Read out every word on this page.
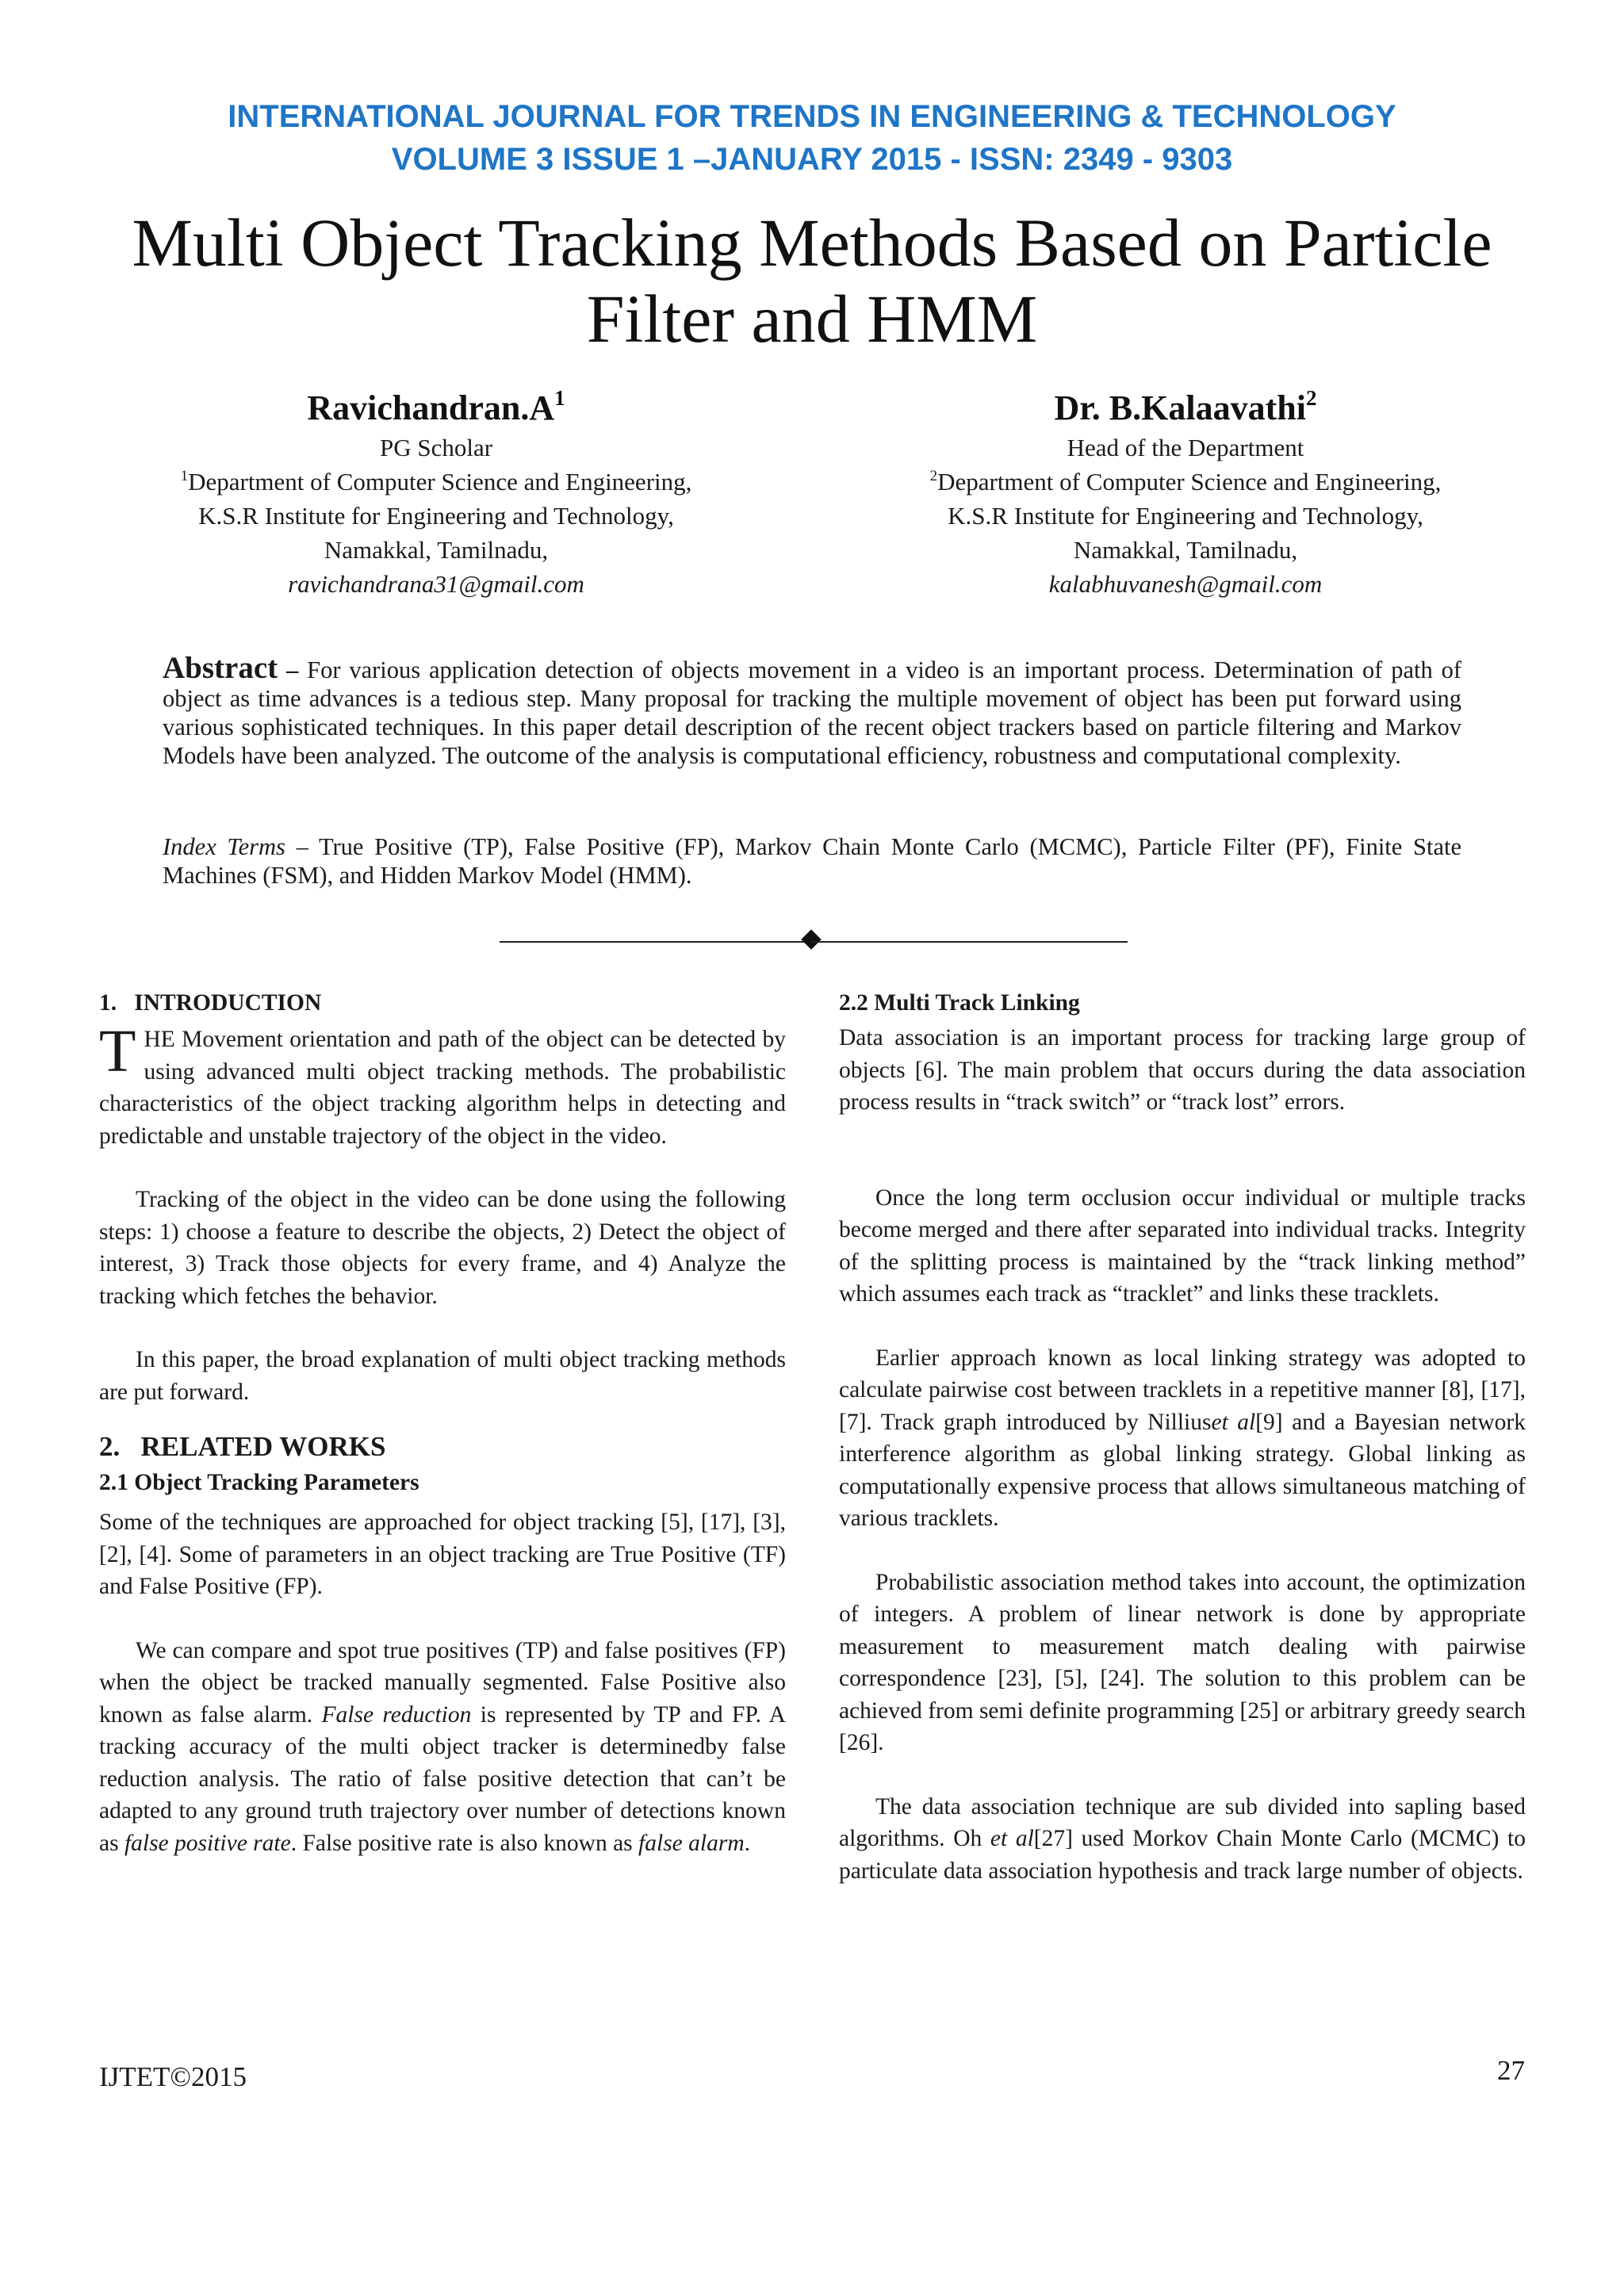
INTERNATIONAL JOURNAL FOR TRENDS IN ENGINEERING & TECHNOLOGY
VOLUME 3 ISSUE 1 –JANUARY 2015 - ISSN: 2349 - 9303
Multi Object Tracking Methods Based on Particle
Filter and HMM
$Ravichandran.A^1$
PG Scholar
$^1$Department of Computer Science and Engineering,
K.S.R Institute for Engineering and Technology,
Namakkal, Tamilnadu,
ravichandrana31@gmail.com
Dr. B.Kalaavathi$^2$
Head of the Department
$^2$Department of Computer Science and Engineering,
K.S.R Institute for Engineering and Technology,
Namakkal, Tamilnadu,
kalabhuvanesh@gmail.com
Abstract – For various application detection of objects movement in a video is an important process. Determination of path of object as time advances is a tedious step. Many proposal for tracking the multiple movement of object has been put forward using various sophisticated techniques. In this paper detail description of the recent object trackers based on particle filtering and Markov Models have been analyzed. The outcome of the analysis is computational efficiency, robustness and computational complexity.
Index Terms – True Positive (TP), False Positive (FP), Markov Chain Monte Carlo (MCMC), Particle Filter (PF), Finite State Machines (FSM), and Hidden Markov Model (HMM).
1.   INTRODUCTION

THE Movement orientation and path of the object can be detected by using advanced multi object tracking methods. The probabilistic characteristics of the object tracking algorithm helps in detecting and predictable and unstable trajectory of the object in the video.

Tracking of the object in the video can be done using the following steps: 1) choose a feature to describe the objects, 2) Detect the object of interest, 3) Track those objects for every frame, and 4) Analyze the tracking which fetches the behavior.

In this paper, the broad explanation of multi object tracking methods are put forward.

2.   RELATED WORKS
2.1 Object Tracking Parameters

Some of the techniques are approached for object tracking [5], [17], [3], [2], [4]. Some of parameters in an object tracking are True Positive (TF) and False Positive (FP).

We can compare and spot true positives (TP) and false positives (FP) when the object be tracked manually segmented. False Positive also known as false alarm. False reduction is represented by TP and FP. A tracking accuracy of the multi object tracker is determinedby false reduction analysis. The ratio of false positive detection that can’t be adapted to any ground truth trajectory over number of detections known as false positive rate. False positive rate is also known as false alarm.

2.2 Multi Track Linking

Data association is an important process for tracking large group of objects [6]. The main problem that occurs during the data association process results in “track switch” or “track lost” errors.

Once the long term occlusion occur individual or multiple tracks become merged and there after separated into individual tracks. Integrity of the splitting process is maintained by the “track linking method” which assumes each track as “tracklet” and links these tracklets.

Earlier approach known as local linking strategy was adopted to calculate pairwise cost between tracklets in a repetitive manner [8], [17], [7]. Track graph introduced by Nilliuset al[9] and a Bayesian network interference algorithm as global linking strategy. Global linking as computationally expensive process that allows simultaneous matching of various tracklets.

Probabilistic association method takes into account, the optimization of integers. A problem of linear network is done by appropriate measurement to measurement match dealing with pairwise correspondence [23], [5], [24]. The solution to this problem can be achieved from semi definite programming [25] or arbitrary greedy search [26].

The data association technique are sub divided into sapling based algorithms. Oh et al[27] used Morkov Chain Monte Carlo (MCMC) to particulate data association hypothesis and track large number of objects.

IJTET©2015	27
